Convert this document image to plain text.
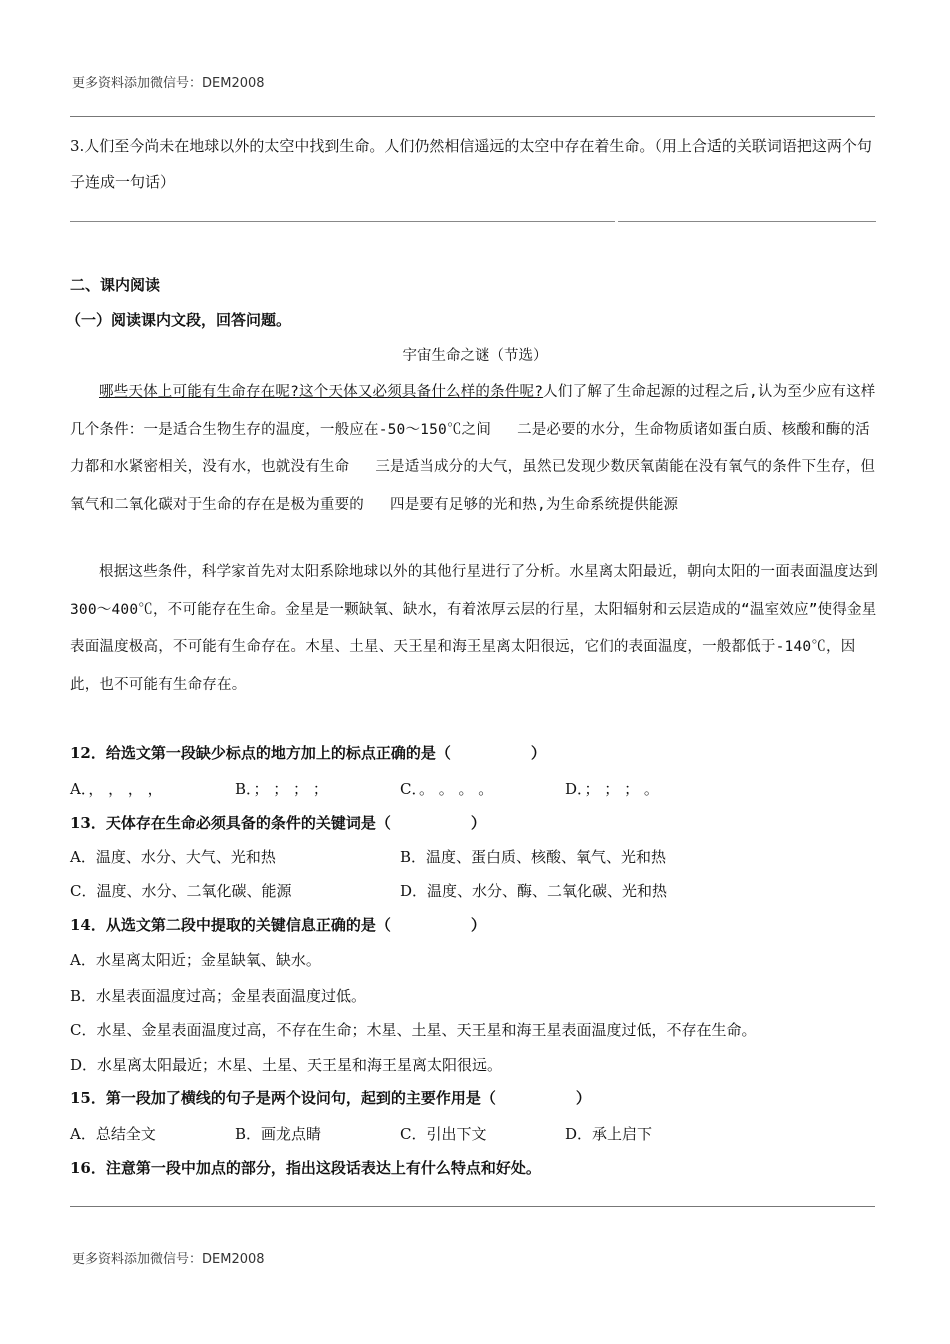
更多资料添加微信号：DEM2008
3.人们至今尚未在地球以外的太空中找到生命。人们仍然相信遥远的太空中存在着生命。（用上合适的关联词语把这两个句子连成一句话）
二、课内阅读
（一）阅读课内文段，回答问题。
宇宙生命之谜（节选）
哪些天体上可能有生命存在呢?这个天体又必须具备什么样的条件呢?人们了解了生命起源的过程之后,认为至少应有这样几个条件：一是适合生物生存的温度，一般应在-50～150℃之间 二是必要的水分，生命物质诸如蛋白质、核酸和酶的活力都和水紧密相关，没有水，也就没有生命 三是适当成分的大气，虽然已发现少数厌氧菌能在没有氧气的条件下生存，但氧气和二氧化碳对于生命的存在是极为重要的 四是要有足够的光和热,为生命系统提供能源
根据这些条件，科学家首先对太阳系除地球以外的其他行星进行了分析。水星离太阳最近，朝向太阳的一面表面温度达到300～400℃，不可能存在生命。金星是一颗缺氧、缺水，有着浓厚云层的行星，太阳辐射和云层造成的“温室效应”使得金星表面温度极高，不可能有生命存在。木星、土星、天王星和海王星离太阳很远，它们的表面温度，一般都低于-140℃，因此，也不可能有生命存在。
12．给选文第一段缺少标点的地方加上的标点正确的是（	）
A．， ， ， ，	B．； ； ； ；	C．。 。 。 。	D．； ； ； 。
13．天体存在生命必须具备的条件的关键词是（	）
A．温度、水分、大气、光和热	B．温度、蛋白质、核酸、氧气、光和热
C．温度、水分、二氧化碳、能源	D．温度、水分、酶、二氧化碳、光和热
14．从选文第二段中提取的关键信息正确的是（	）
A．水星离太阳近；金星缺氧、缺水。
B．水星表面温度过高；金星表面温度过低。
C．水星、金星表面温度过高，不存在生命；木星、土星、天王星和海王星表面温度过低，不存在生命。
D．水星离太阳最近；木星、土星、天王星和海王星离太阳很远。
15．第一段加了横线的句子是两个设问句，起到的主要作用是（	）
A．总结全文	B．画龙点睛	C．引出下文	D．承上启下
16．注意第一段中加点的部分，指出这段话表达上有什么特点和好处。
更多资料添加微信号：DEM2008
